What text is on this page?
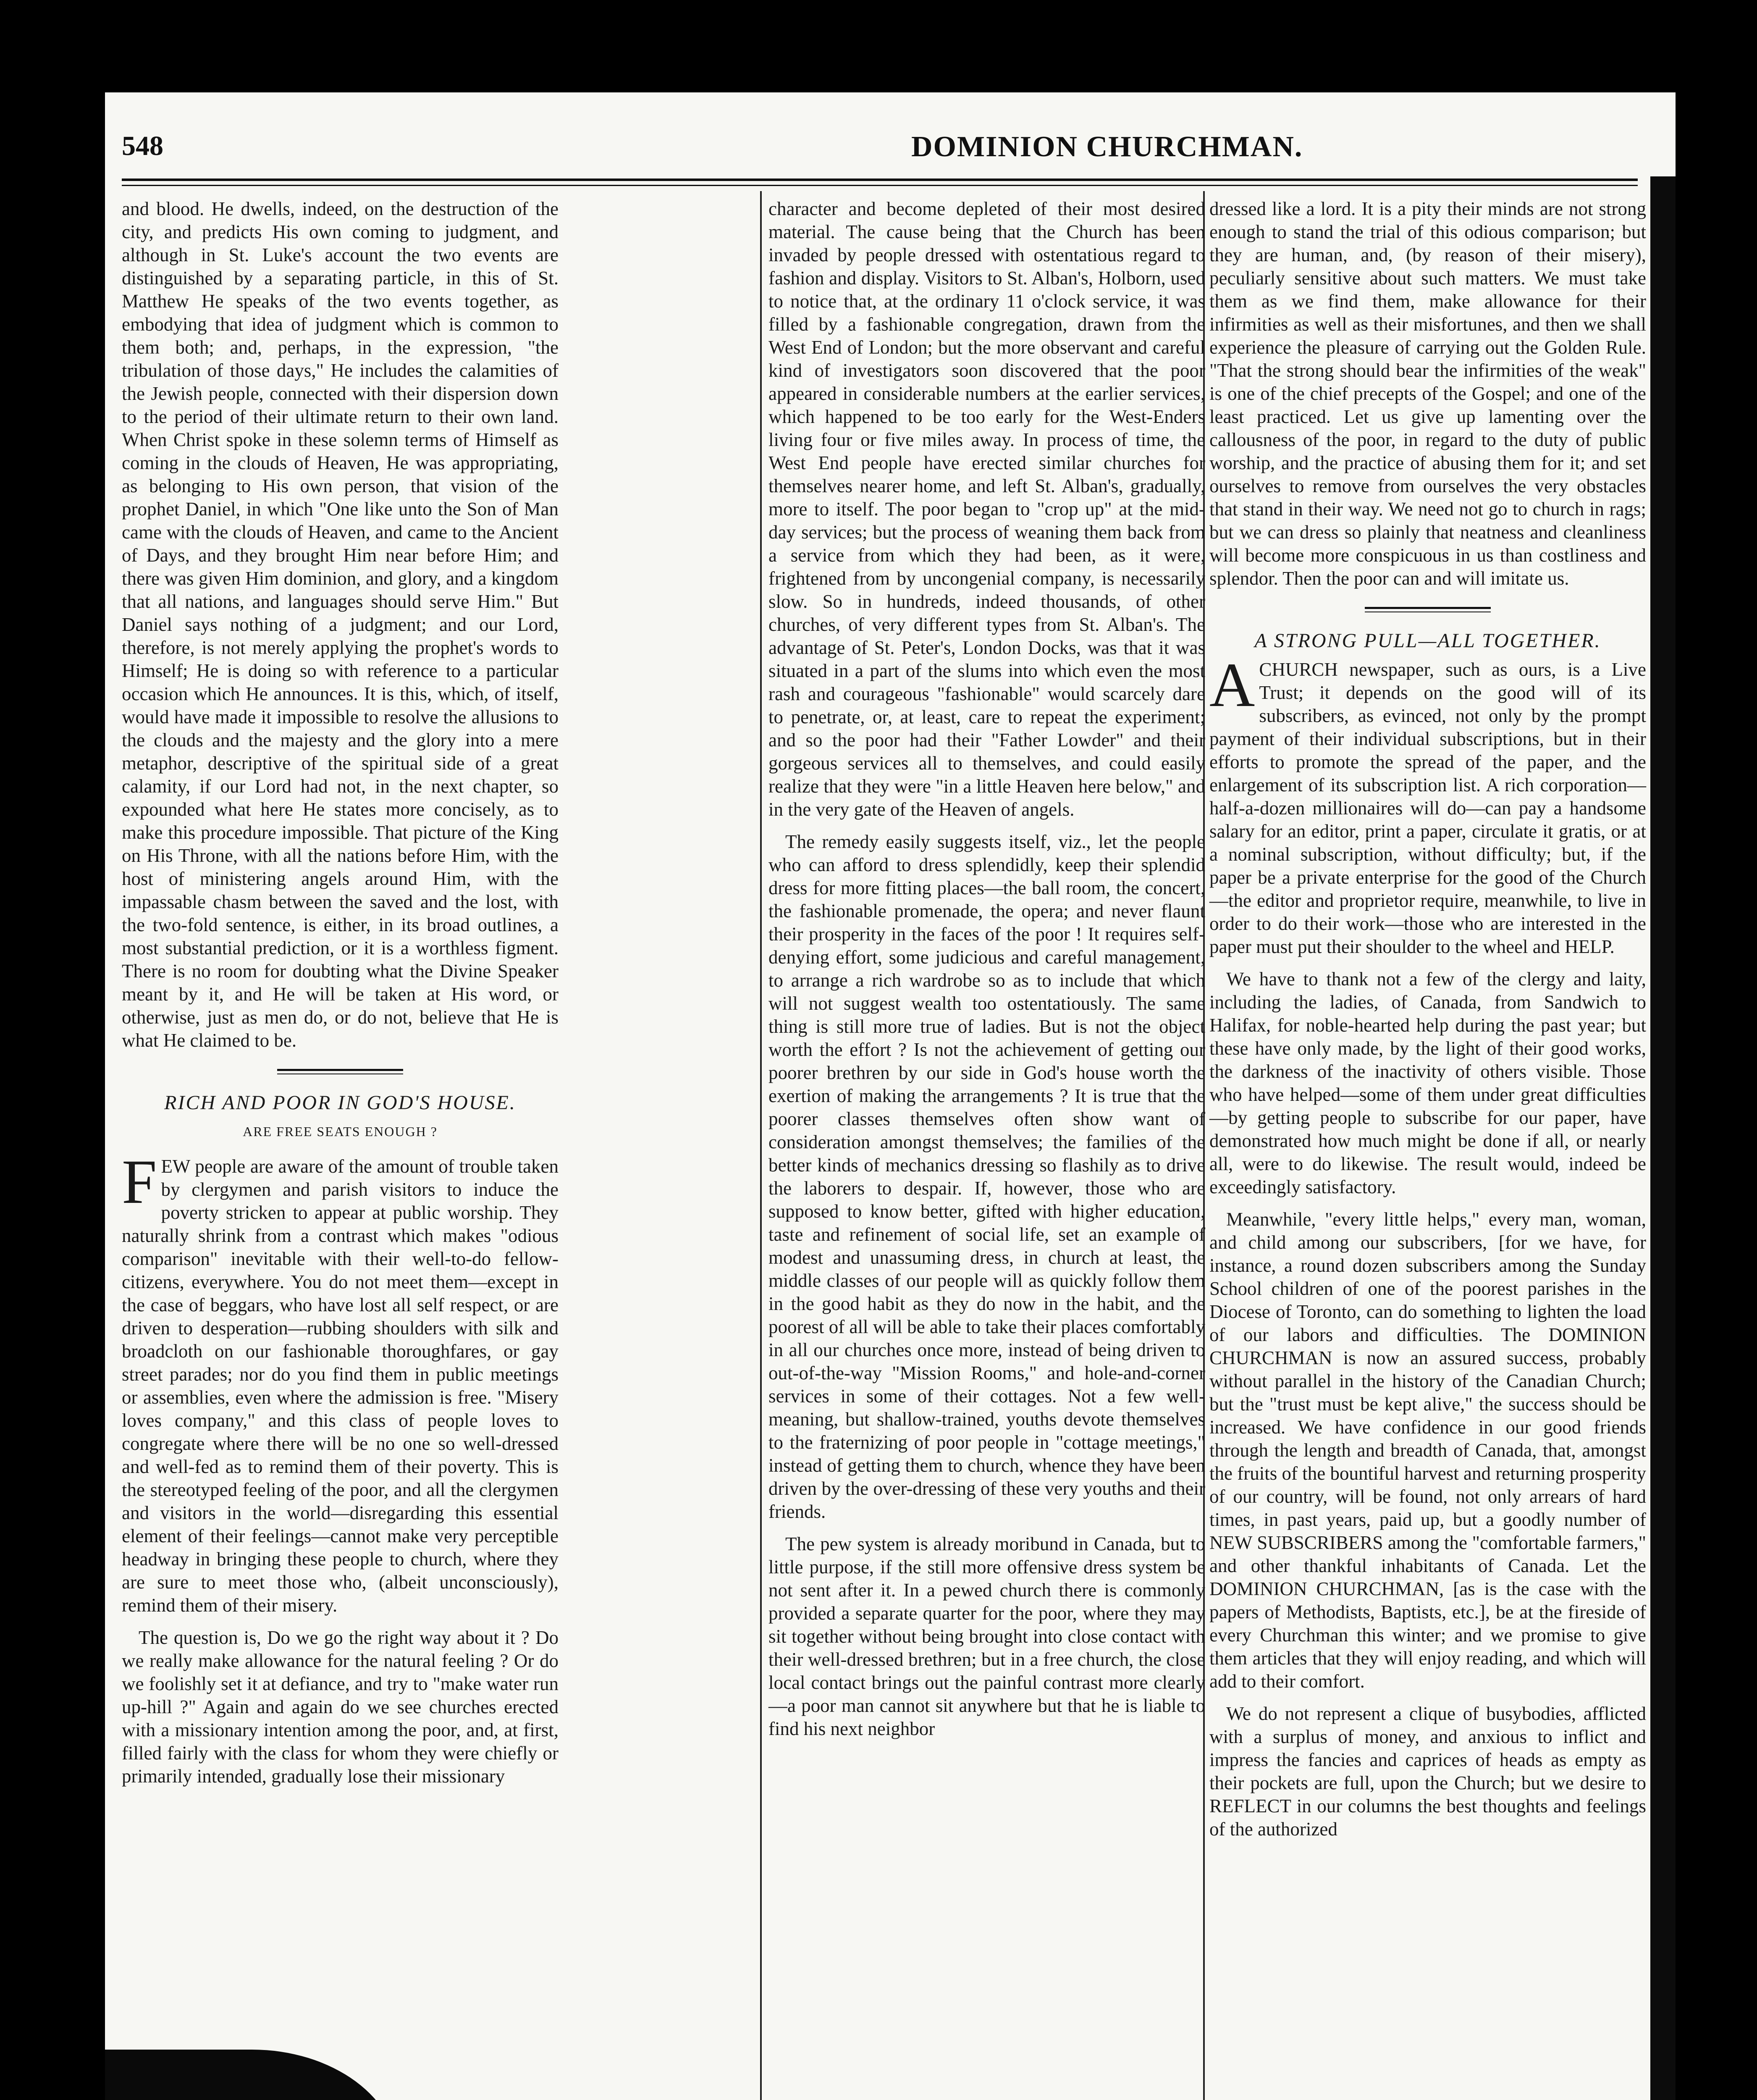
548	DOMINION CHURCHMAN.

and blood. He dwells, indeed, on the destruction of the city, and predicts His own coming to judgment, and although in St. Luke's account the two events are distinguished by a separating particle, in this of St. Matthew He speaks of the two events together, as embodying that idea of judgment which is common to them both; and, perhaps, in the expression, "the tribulation of those days," He includes the calamities of the Jewish people, connected with their dispersion down to the period of their ultimate return to their own land. When Christ spoke in these solemn terms of Himself as coming in the clouds of Heaven, He was appropriating, as belonging to His own person, that vision of the prophet Daniel, in which "One like unto the Son of Man came with the clouds of Heaven, and came to the Ancient of Days, and they brought Him near before Him; and there was given Him dominion, and glory, and a kingdom that all nations, and languages should serve Him." But Daniel says nothing of a judgment; and our Lord, therefore, is not merely applying the prophet's words to Himself; He is doing so with reference to a particular occasion which He announces. It is this, which, of itself, would have made it impossible to resolve the allusions to the clouds and the majesty and the glory into a mere metaphor, descriptive of the spiritual side of a great calamity, if our Lord had not, in the next chapter, so expounded what here He states more concisely, as to make this procedure impossible. That picture of the King on His Throne, with all the nations before Him, with the host of ministering angels around Him, with the impassable chasm between the saved and the lost, with the two-fold sentence, is either, in its broad outlines, a most substantial prediction, or it is a worthless figment. There is no room for doubting what the Divine Speaker meant by it, and He will be taken at His word, or otherwise, just as men do, or do not, believe that He is what He claimed to be.

RICH AND POOR IN GOD'S HOUSE.
ARE FREE SEATS ENOUGH ?

FEW people are aware of the amount of trouble taken by clergymen and parish visitors to induce the poverty stricken to appear at public worship. They naturally shrink from a contrast which makes "odious comparison" inevitable with their well-to-do fellow-citizens, everywhere. You do not meet them—except in the case of beggars, who have lost all self respect, or are driven to desperation—rubbing shoulders with silk and broadcloth on our fashionable thoroughfares, or gay street parades; nor do you find them in public meetings or assemblies, even where the admission is free. "Misery loves company," and this class of people loves to congregate where there will be no one so well-dressed and well-fed as to remind them of their poverty. This is the stereotyped feeling of the poor, and all the clergymen and visitors in the world—disregarding this essential element of their feelings—cannot make very perceptible headway in bringing these people to church, where they are sure to meet those who, (albeit unconsciously), remind them of their misery.

The question is, Do we go the right way about it ? Do we really make allowance for the natural feeling ? Or do we foolishly set it at defiance, and try to "make water run up-hill ?" Again and again do we see churches erected with a missionary intention among the poor, and, at first, filled fairly with the class for whom they were chiefly or primarily intended, gradually lose their missionary

character and become depleted of their most desired material. The cause being that the Church has been invaded by people dressed with ostentatious regard to fashion and display. Visitors to St. Alban's, Holborn, used to notice that, at the ordinary 11 o'clock service, it was filled by a fashionable congregation, drawn from the West End of London; but the more observant and careful kind of investigators soon discovered that the poor appeared in considerable numbers at the earlier services, which happened to be too early for the West-Enders living four or five miles away. In process of time, the West End people have erected similar churches for themselves nearer home, and left St. Alban's, gradually, more to itself. The poor began to "crop up" at the mid-day services; but the process of weaning them back from a service from which they had been, as it were, frightened from by uncongenial company, is necessarily slow. So in hundreds, indeed thousands, of other churches, of very different types from St. Alban's. The advantage of St. Peter's, London Docks, was that it was situated in a part of the slums into which even the most rash and courageous "fashionable" would scarcely dare to penetrate, or, at least, care to repeat the experiment; and so the poor had their "Father Lowder" and their gorgeous services all to themselves, and could easily realize that they were "in a little Heaven here below," and in the very gate of the Heaven of angels.

The remedy easily suggests itself, viz., let the people who can afford to dress splendidly, keep their splendid dress for more fitting places—the ball room, the concert, the fashionable promenade, the opera; and never flaunt their prosperity in the faces of the poor ! It requires self-denying effort, some judicious and careful management, to arrange a rich wardrobe so as to include that which will not suggest wealth too ostentatiously. The same thing is still more true of ladies. But is not the object worth the effort ? Is not the achievement of getting our poorer brethren by our side in God's house worth the exertion of making the arrangements ? It is true that the poorer classes themselves often show want of consideration amongst themselves; the families of the better kinds of mechanics dressing so flashily as to drive the laborers to despair. If, however, those who are supposed to know better, gifted with higher education, taste and refinement of social life, set an example of modest and unassuming dress, in church at least, the middle classes of our people will as quickly follow them in the good habit as they do now in the habit, and the poorest of all will be able to take their places comfortably in all our churches once more, instead of being driven to out-of-the-way "Mission Rooms," and hole-and-corner services in some of their cottages. Not a few well-meaning, but shallow-trained, youths devote themselves to the fraternizing of poor people in "cottage meetings," instead of getting them to church, whence they have been driven by the over-dressing of these very youths and their friends.

The pew system is already moribund in Canada, but to little purpose, if the still more offensive dress system be not sent after it. In a pewed church there is commonly provided a separate quarter for the poor, where they may sit together without being brought into close contact with their well-dressed brethren; but in a free church, the close local contact brings out the painful contrast more clearly—a poor man cannot sit anywhere but that he is liable to find his next neighbor

dressed like a lord. It is a pity their minds are not strong enough to stand the trial of this odious comparison; but they are human, and, (by reason of their misery), peculiarly sensitive about such matters. We must take them as we find them, make allowance for their infirmities as well as their misfortunes, and then we shall experience the pleasure of carrying out the Golden Rule. "That the strong should bear the infirmities of the weak" is one of the chief precepts of the Gospel; and one of the least practiced. Let us give up lamenting over the callousness of the poor, in regard to the duty of public worship, and the practice of abusing them for it; and set ourselves to remove from ourselves the very obstacles that stand in their way. We need not go to church in rags; but we can dress so plainly that neatness and cleanliness will become more conspicuous in us than costliness and splendor. Then the poor can and will imitate us.

A STRONG PULL—ALL TOGETHER.

ACHURCH newspaper, such as ours, is a Live Trust; it depends on the good will of its subscribers, as evinced, not only by the prompt payment of their individual subscriptions, but in their efforts to promote the spread of the paper, and the enlargement of its subscription list. A rich corporation—half-a-dozen millionaires will do—can pay a handsome salary for an editor, print a paper, circulate it gratis, or at a nominal subscription, without difficulty; but, if the paper be a private enterprise for the good of the Church—the editor and proprietor require, meanwhile, to live in order to do their work—those who are interested in the paper must put their shoulder to the wheel and HELP.

We have to thank not a few of the clergy and laity, including the ladies, of Canada, from Sandwich to Halifax, for noble-hearted help during the past year; but these have only made, by the light of their good works, the darkness of the inactivity of others visible. Those who have helped—some of them under great difficulties—by getting people to subscribe for our paper, have demonstrated how much might be done if all, or nearly all, were to do likewise. The result would, indeed be exceedingly satisfactory.

Meanwhile, "every little helps," every man, woman, and child among our subscribers, [for we have, for instance, a round dozen subscribers among the Sunday School children of one of the poorest parishes in the Diocese of Toronto, can do something to lighten the load of our labors and difficulties. The DOMINION CHURCHMAN is now an assured success, probably without parallel in the history of the Canadian Church; but the "trust must be kept alive," the success should be increased. We have confidence in our good friends through the length and breadth of Canada, that, amongst the fruits of the bountiful harvest and returning prosperity of our country, will be found, not only arrears of hard times, in past years, paid up, but a goodly number of NEW SUBSCRIBERS among the "comfortable farmers," and other thankful inhabitants of Canada. Let the DOMINION CHURCHMAN, [as is the case with the papers of Methodists, Baptists, etc.], be at the fireside of every Churchman this winter; and we promise to give them articles that they will enjoy reading, and which will add to their comfort.

We do not represent a clique of busybodies, afflicted with a surplus of money, and anxious to inflict and impress the fancies and caprices of heads as empty as their pockets are full, upon the Church; but we desire to REFLECT in our columns the best thoughts and feelings of the authorized
